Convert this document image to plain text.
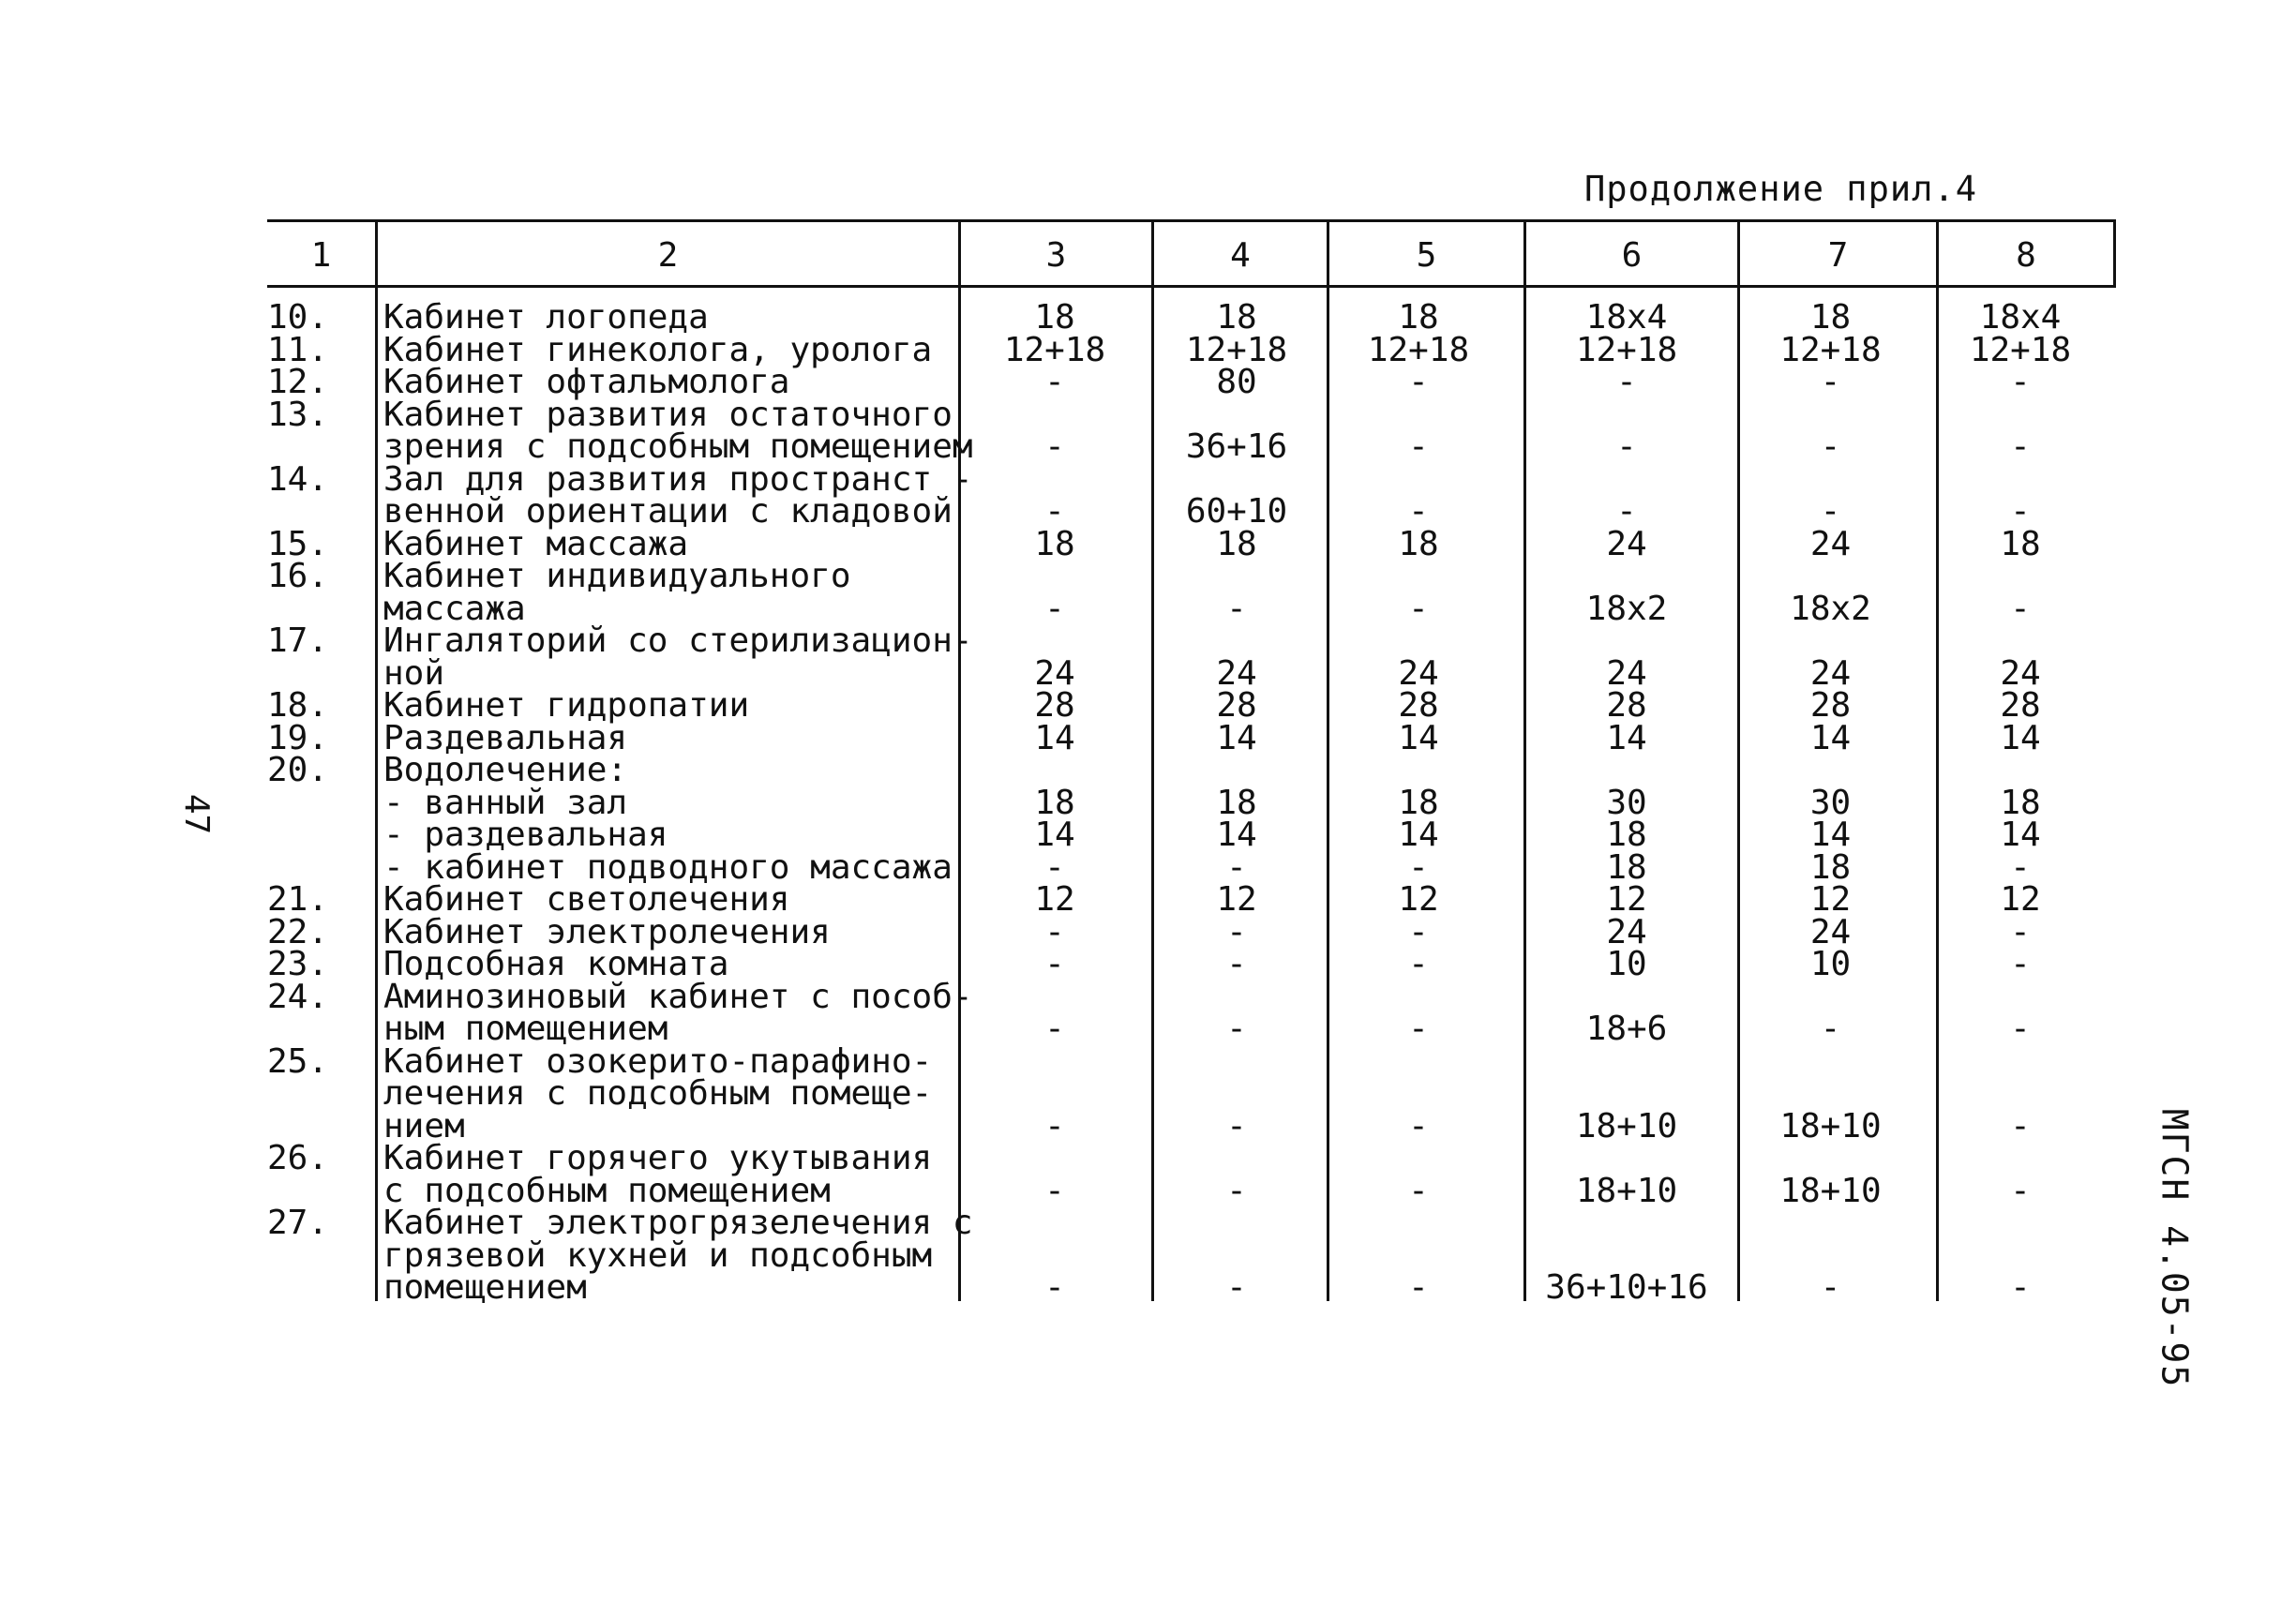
Продолжение прил.4
47
МГСН 4.05-95
1	2	3	4	5	6	7	8
10. Кабинет логопеда	18	18	18	18x4	18	18x4
11. Кабинет гинеколога, уролога	12+18	12+18	12+18	12+18	12+18	12+18
12. Кабинет офтальмолога	-	80	-	-	-	-
13. Кабинет развития остаточного
зрения с подсобным помещением	-	36+16	-	-	-	-
14. Зал для развития пространст -
венной ориентации с кладовой	-	60+10	-	-	-	-
15. Кабинет массажа	18	18	18	24	24	18
16. Кабинет индивидуального
массажа	-	-	-	18x2	18x2	-
17. Ингаляторий со стерилизацион-
ной	24	24	24	24	24	24
18. Кабинет гидропатии	28	28	28	28	28	28
19. Раздевальная	14	14	14	14	14	14
20. Водолечение:
- ванный зал	18	18	18	30	30	18
- раздевальная	14	14	14	18	14	14
- кабинет подводного массажа	-	-	-	18	18	-
21. Кабинет светолечения	12	12	12	12	12	12
22. Кабинет электролечения	-	-	-	24	24	-
23. Подсобная комната	-	-	-	10	10	-
24. Аминозиновый кабинет с пособ-
ным помещением	-	-	-	18+6	-	-
25. Кабинет озокерито-парафино-
лечения с подсобным помеще-
нием	-	-	-	18+10	18+10	-
26. Кабинет горячего укутывания
с подсобным помещением	-	-	-	18+10	18+10	-
27. Кабинет электрогрязелечения с
грязевой кухней и подсобным
помещением	-	-	-	36+10+16	-	-
